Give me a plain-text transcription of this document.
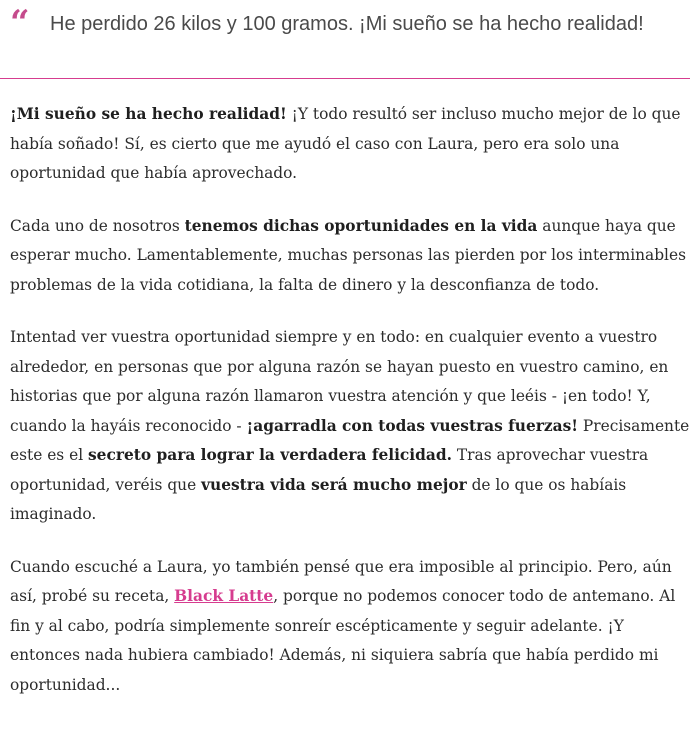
“ He perdido 26 kilos y 100 gramos. ¡Mi sueño se ha hecho realidad!

¡Mi sueño se ha hecho realidad! ¡Y todo resultó ser incluso mucho mejor de lo que había soñado! Sí, es cierto que me ayudó el caso con Laura, pero era solo una oportunidad que había aprovechado.

Cada uno de nosotros tenemos dichas oportunidades en la vida aunque haya que esperar mucho. Lamentablemente, muchas personas las pierden por los interminables problemas de la vida cotidiana, la falta de dinero y la desconfianza de todo.

Intentad ver vuestra oportunidad siempre y en todo: en cualquier evento a vuestro alrededor, en personas que por alguna razón se hayan puesto en vuestro camino, en historias que por alguna razón llamaron vuestra atención y que leéis - ¡en todo! Y, cuando la hayáis reconocido - ¡agarradla con todas vuestras fuerzas! Precisamente este es el secreto para lograr la verdadera felicidad. Tras aprovechar vuestra oportunidad, veréis que vuestra vida será mucho mejor de lo que os habíais imaginado.

Cuando escuché a Laura, yo también pensé que era imposible al principio. Pero, aún así, probé su receta, Black Latte, porque no podemos conocer todo de antemano. Al fin y al cabo, podría simplemente sonreír escépticamente y seguir adelante. ¡Y entonces nada hubiera cambiado! Además, ni siquiera sabría que había perdido mi oportunidad...
